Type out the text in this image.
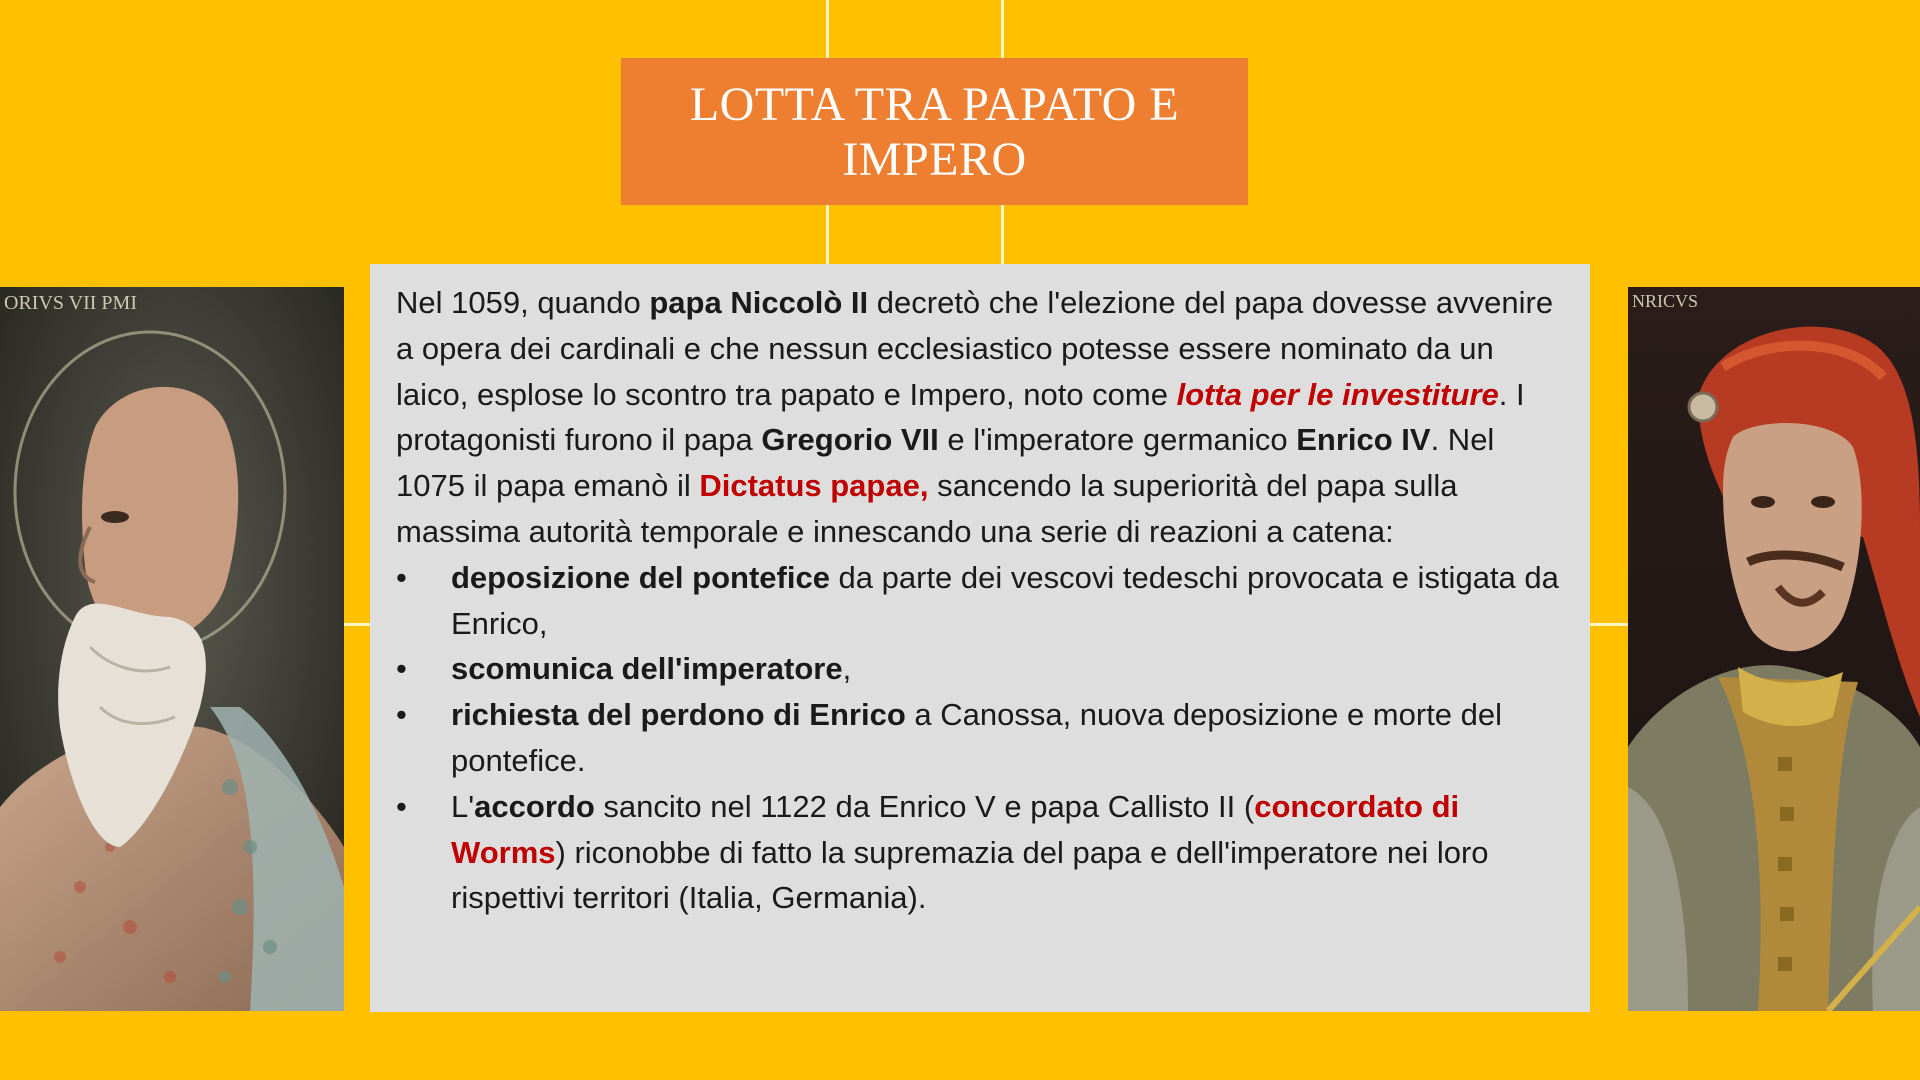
LOTTA TRA PAPATO E
IMPERO
ORIVS VII PMI	NRICVS

Nel 1059, quando papa Niccolò II decretò che l'elezione del papa dovesse avvenire a opera dei cardinali e che nessun ecclesiastico potesse essere nominato da un laico, esplose lo scontro tra papato e Impero, noto come lotta per le investiture. I protagonisti furono il papa Gregorio VII e l'imperatore germanico Enrico IV. Nel 1075 il papa emanò il Dictatus papae, sancendo la superiorità del papa sulla massima autorità temporale e innescando una serie di reazioni a catena:

• deposizione del pontefice da parte dei vescovi tedeschi provocata e istigata da Enrico,
• scomunica dell'imperatore,
• richiesta del perdono di Enrico a Canossa, nuova deposizione e morte del pontefice.
• L'accordo sancito nel 1122 da Enrico V e papa Callisto II (concordato di Worms) riconobbe di fatto la supremazia del papa e dell'imperatore nei loro rispettivi territori (Italia, Germania).
